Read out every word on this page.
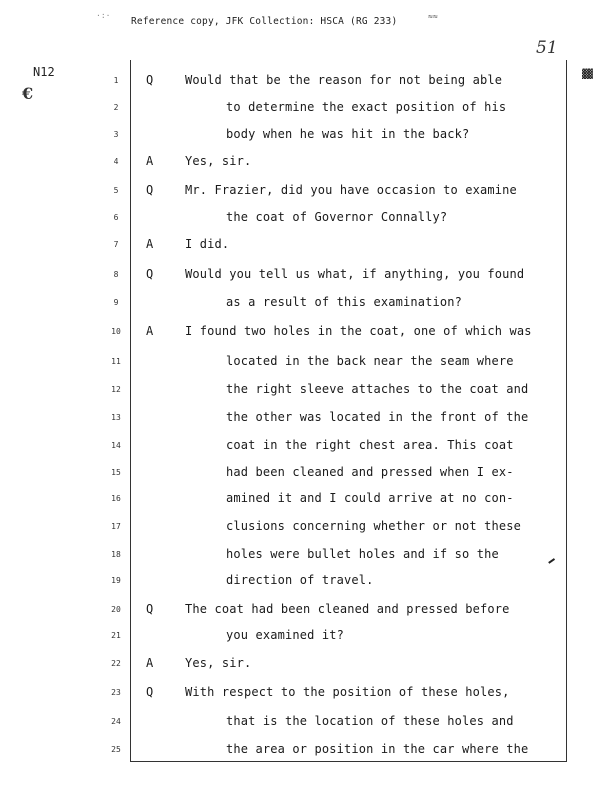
·:·
Reference copy, JFK Collection: HSCA (RG 233)	≈≈
51
N12
€
▓▓
1	Q	Would that be the reason for not being able
2	to determine the exact position of his
3	body when he was hit in the back?
4	A	Yes, sir.
5	Q	Mr. Frazier, did you have occasion to examine
6	the coat of Governor Connally?
7	A	I did.
8	Q	Would you tell us what, if anything, you found
9	as a result of this examination?
10 A	I found two holes in the coat, one of which was
11	located in the back near the seam where
12	the right sleeve attaches to the coat and
13	the other was located in the front of the
14	coat in the right chest area. This coat
15	had been cleaned and pressed when I ex-
16	amined it and I could arrive at no con-
17	clusions concerning whether or not these
18	holes were bullet holes and if so the
19	direction of travel.
20 Q	The coat had been cleaned and pressed before
21	you examined it?
22 A	Yes, sir.
23 Q	With respect to the position of these holes,
24	that is the location of these holes and
25	the area or position in the car where the
